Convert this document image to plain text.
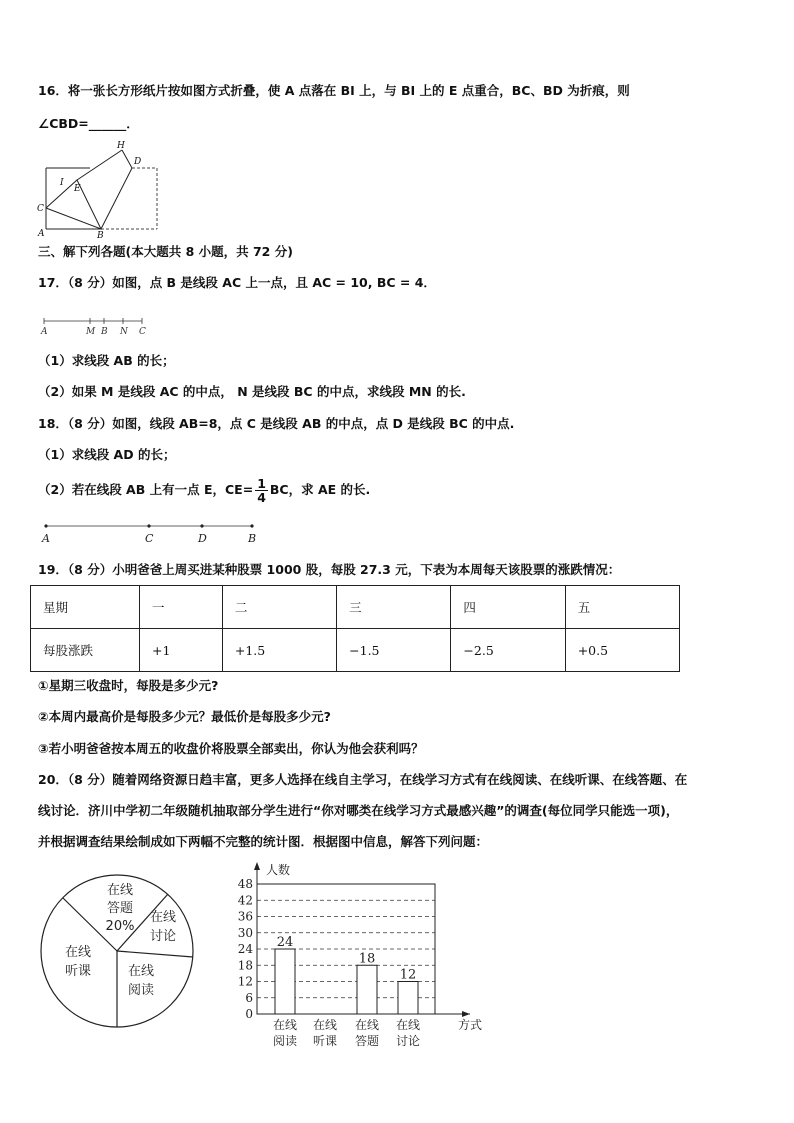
16．将一张长方形纸片按如图方式折叠，使 A 点落在 BI 上，与 BI 上的 E 点重合，BC、BD 为折痕，则
∠CBD=______．
H
D
I
E
C
A	B
三、解下列各题(本大题共 8 小题，共 72 分)
17．（8 分）如图，点 B 是线段 AC 上一点，且 AC = 10, BC = 4．
A	M B N C
（1）求线段 AB 的长；
（2）如果 M 是线段 AC 的中点， N 是线段 BC 的中点，求线段 MN 的长.
18．（8 分）如图，线段 AB=8，点 C 是线段 AB 的中点，点 D 是线段 BC 的中点.
（1）求线段 AD 的长；
（2）若在线段 AB 上有一点 E，$CE= \frac{1}{4}$ BC，求 AE 的长.
A	C	D	B
19．（8 分）小明爸爸上周买进某种股票 1000 股，每股 27.3 元，下表为本周每天该股票的涨跌情况：
星期	一	二	三	四	五
每股涨跌	+1	+1.5	−1.5	−2.5	+0.5
①星期三收盘时，每股是多少元?
②本周内最高价是每股多少元？最低价是每股多少元?
③若小明爸爸按本周五的收盘价将股票全部卖出，你认为他会获利吗？
20．（8 分）随着网络资源日趋丰富，更多人选择在线自主学习，在线学习方式有在线阅读、在线听课、在线答题、在
线讨论．济川中学初二年级随机抽取部分学生进行“你对哪类在线学习方式最感兴趣”的调查(每位同学只能选一项)，
并根据调查结果绘制成如下两幅不完整的统计图．根据图中信息，解答下列问题：
在线
答题
20%
在线
讨论
在线
阅读
在线
听课
0
6
12
18
24
30
36
42
48
人数
方式
24
在线
阅读
在线
听课
18
在线
答题
12
在线
讨论
